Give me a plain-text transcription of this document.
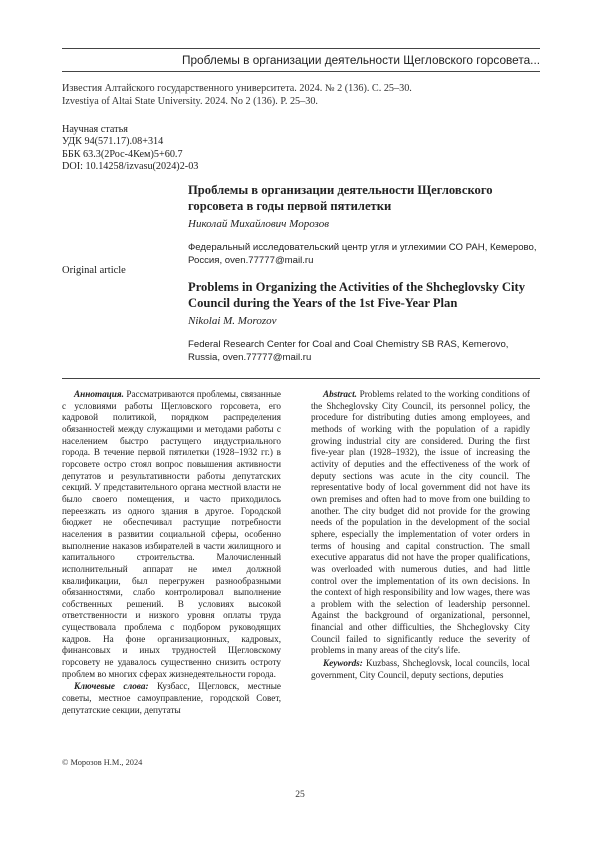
Проблемы в организации деятельности Щегловского горсовета...
Известия Алтайского государственного университета. 2024. № 2 (136). С. 25–30.
Izvestiya of Altai State University. 2024. No 2 (136). P. 25–30.
Научная статья
УДК 94(571.17).08+314
ББК 63.3(2Рос-4Кем)5+60.7
DOI: 10.14258/izvasu(2024)2-03
Проблемы в организации деятельности Щегловского горсовета в годы первой пятилетки
Николай Михайлович Морозов
Федеральный исследовательский центр угля и углехимии СО РАН, Кемерово, Россия, oven.77777@mail.ru
Original article
Problems in Organizing the Activities of the Shcheglovsky City Council during the Years of the 1st Five-Year Plan
Nikolai M. Morozov
Federal Research Center for Coal and Coal Chemistry SB RAS, Kemerovo, Russia, oven.77777@mail.ru

Аннотация. Рассматриваются проблемы, связанные с условиями работы Щегловского горсовета, его кадровой политикой, порядком распределения обязанностей между служащими и методами работы с населением быстро растущего индустриального города. В течение первой пятилетки (1928–1932 гг.) в горсовете остро стоял вопрос повышения активности депутатов и результативности работы депутатских секций. У представительного органа местной власти не было своего помещения, и часто приходилось переезжать из одного здания в другое. Городской бюджет не обеспечивал растущие потребности населения в развитии социальной сферы, особенно выполнение наказов избирателей в части жилищного и капитального строительства. Малочисленный исполнительный аппарат не имел должной квалификации, был перегружен разнообразными обязанностями, слабо контролировал выполнение собственных решений. В условиях высокой ответственности и низкого уровня оплаты труда существовала проблема с подбором руководящих кадров. На фоне организационных, кадровых, финансовых и иных трудностей Щегловскому горсовету не удавалось существенно снизить остроту проблем во многих сферах жизнедеятельности города.

Ключевые слова: Кузбасс, Щегловск, местные советы, местное самоуправление, городской Совет, депутатские секции, депутаты

Abstract. Problems related to the working conditions of the Shcheglovsky City Council, its personnel policy, the procedure for distributing duties among employees, and methods of working with the population of a rapidly growing industrial city are considered. During the first five-year plan (1928–1932), the issue of increasing the activity of deputies and the effectiveness of the work of deputy sections was acute in the city council. The representative body of local government did not have its own premises and often had to move from one building to another. The city budget did not provide for the growing needs of the population in the development of the social sphere, especially the implementation of voter orders in terms of housing and capital construction. The small executive apparatus did not have the proper qualifications, was overloaded with numerous duties, and had little control over the implementation of its own decisions. In the context of high responsibility and low wages, there was a problem with the selection of leadership personnel. Against the background of organizational, personnel, financial and other difficulties, the Shcheglovsky City Council failed to significantly reduce the severity of problems in many areas of the city's life.

Keywords: Kuzbass, Shcheglovsk, local councils, local government, City Council, deputy sections, deputies

© Морозов Н.М., 2024
25
